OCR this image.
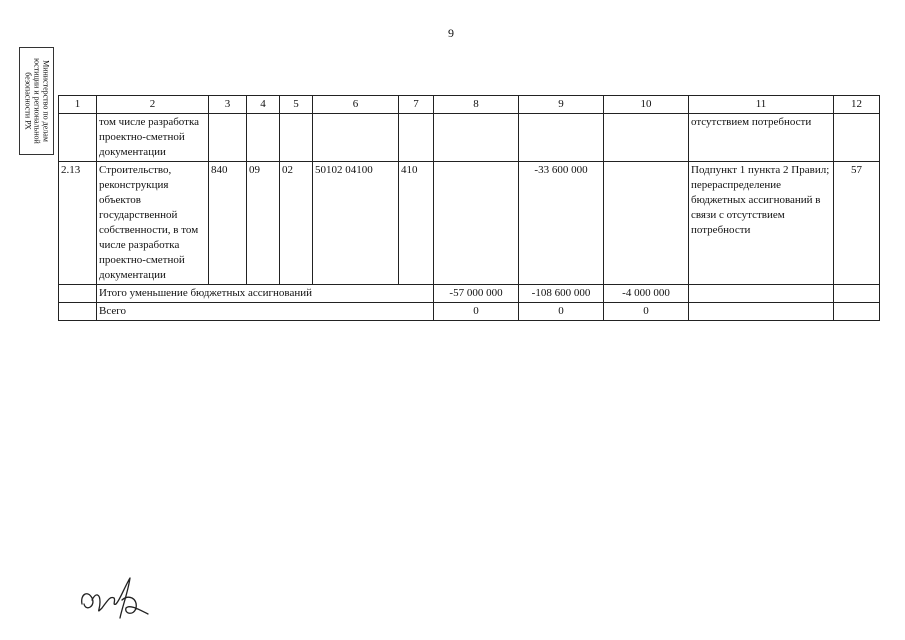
9
Министерство по делам
юстиции и региональной
безопасности РХ	1	2	3	4	5	6	7	8	9	10	11	12
	том числе разработка проектно-сметной документации									отсутствием потребности	
2.13	Строительство, реконструкция объектов государственной собственности, в том числе разработка проектно-сметной документации	840	09	02	50102 04100	410		-33 600 000		Подпункт 1 пункта 2 Правил; перераспределение бюджетных ассигнований в связи с отсутствием потребности	57
	Итого уменьшение бюджетных ассигнований						-57 000 000	-108 600 000	-4 000 000		
	Всего						0	0	0		
